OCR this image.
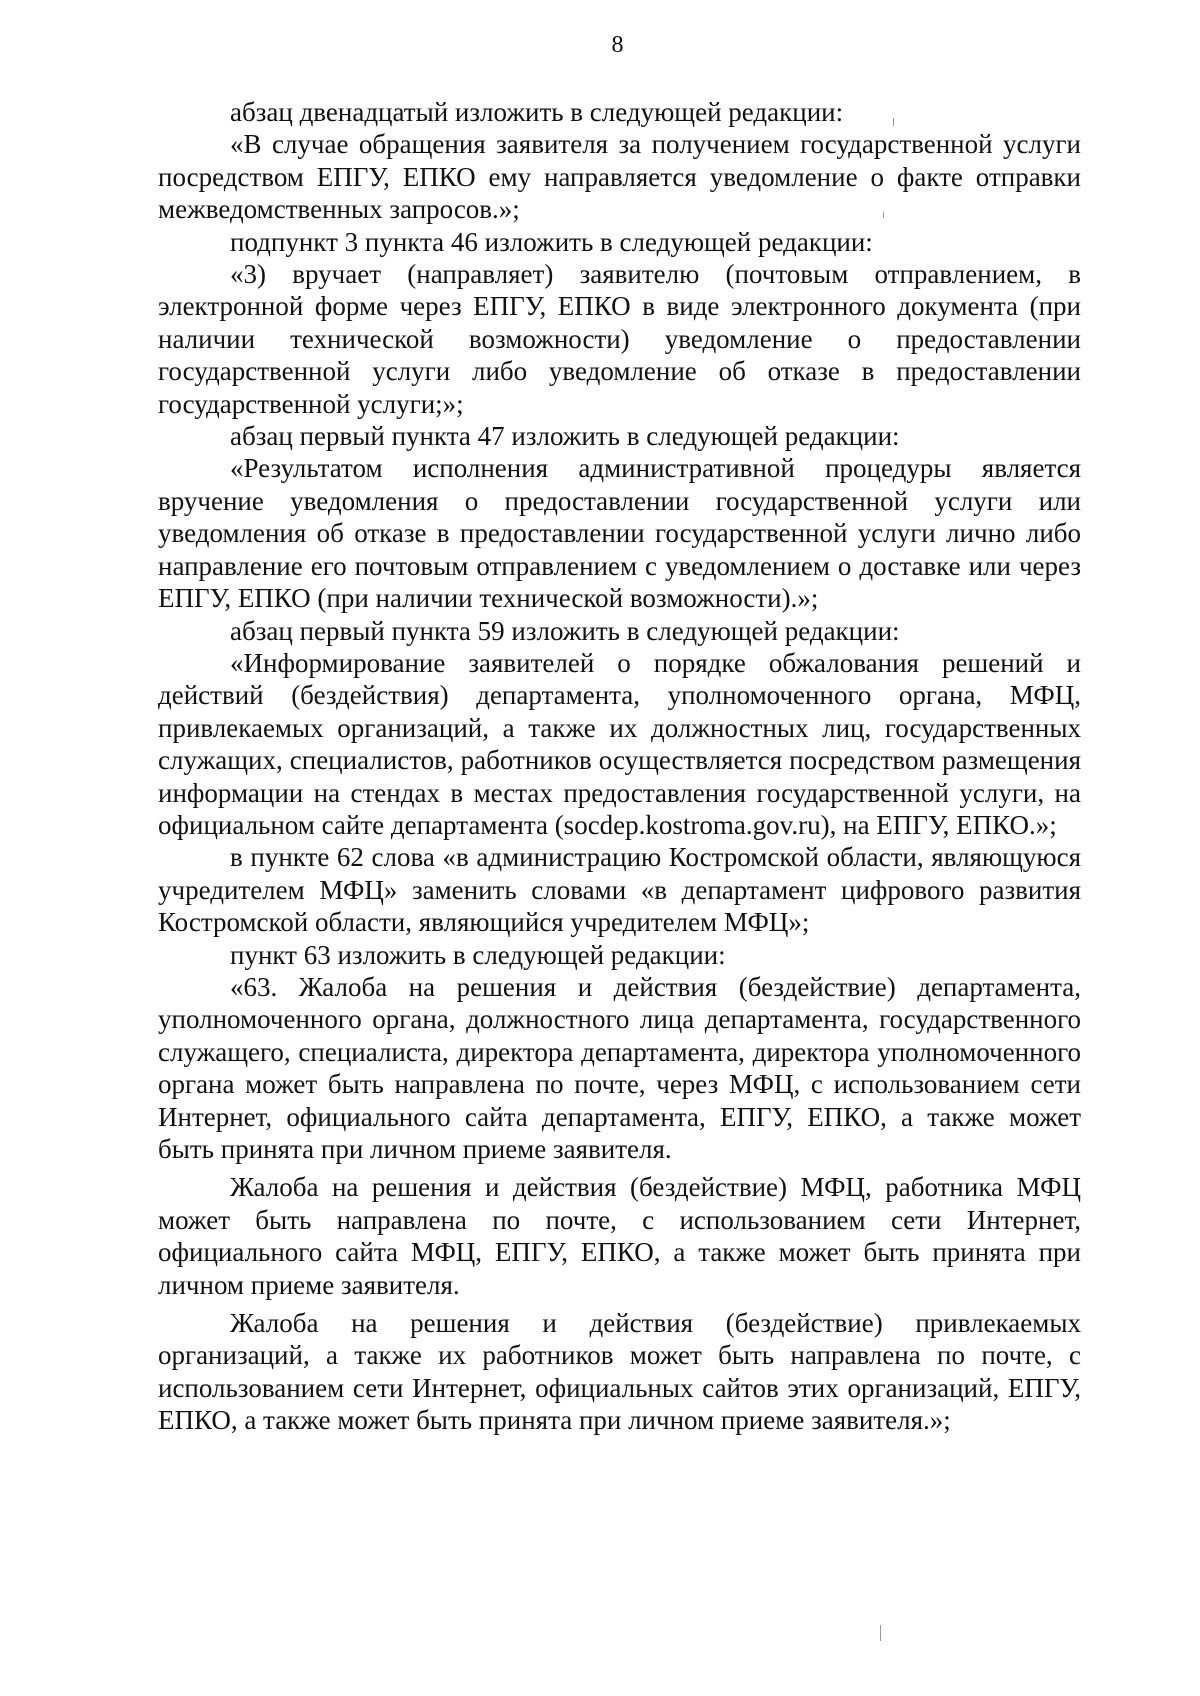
8

абзац двенадцатый изложить в следующей редакции:

«В случае обращения заявителя за получением государственной услуги посредством ЕПГУ, ЕПКО ему направляется уведомление о факте отправки межведомственных запросов.»;

подпункт 3 пункта 46 изложить в следующей редакции:

«3) вручает (направляет) заявителю (почтовым отправлением, в электронной форме через ЕПГУ, ЕПКО в виде электронного документа (при наличии технической возможности) уведомление о предоставлении государственной услуги либо уведомление об отказе в предоставлении государственной услуги;»;

абзац первый пункта 47 изложить в следующей редакции:

«Результатом исполнения административной процедуры является вручение уведомления о предоставлении государственной услуги или уведомления об отказе в предоставлении государственной услуги лично либо направление его почтовым отправлением с уведомлением о доставке или через ЕПГУ, ЕПКО (при наличии технической возможности).»;

абзац первый пункта 59 изложить в следующей редакции:

«Информирование заявителей о порядке обжалования решений и действий (бездействия) департамента, уполномоченного органа, МФЦ, привлекаемых организаций, а также их должностных лиц, государственных служащих, специалистов, работников осуществляется посредством размещения информации на стендах в местах предоставления государственной услуги, на официальном сайте департамента (socdep.kostroma.gov.ru), на ЕПГУ, ЕПКО.»;

в пункте 62 слова «в администрацию Костромской области, являющуюся учредителем МФЦ» заменить словами «в департамент цифрового развития Костромской области, являющийся учредителем МФЦ»;

пункт 63 изложить в следующей редакции:

«63. Жалоба на решения и действия (бездействие) департамента, уполномоченного органа, должностного лица департамента, государственного служащего, специалиста, директора департамента, директора уполномоченного органа может быть направлена по почте, через МФЦ, с использованием сети Интернет, официального сайта департамента, ЕПГУ, ЕПКО, а также может быть принята при личном приеме заявителя.

Жалоба на решения и действия (бездействие) МФЦ, работника МФЦ может быть направлена по почте, с использованием сети Интернет, официального сайта МФЦ, ЕПГУ, ЕПКО, а также может быть принята при личном приеме заявителя.

Жалоба на решения и действия (бездействие) привлекаемых организаций, а также их работников может быть направлена по почте, с использованием сети Интернет, официальных сайтов этих организаций, ЕПГУ, ЕПКО, а также может быть принята при личном приеме заявителя.»;
